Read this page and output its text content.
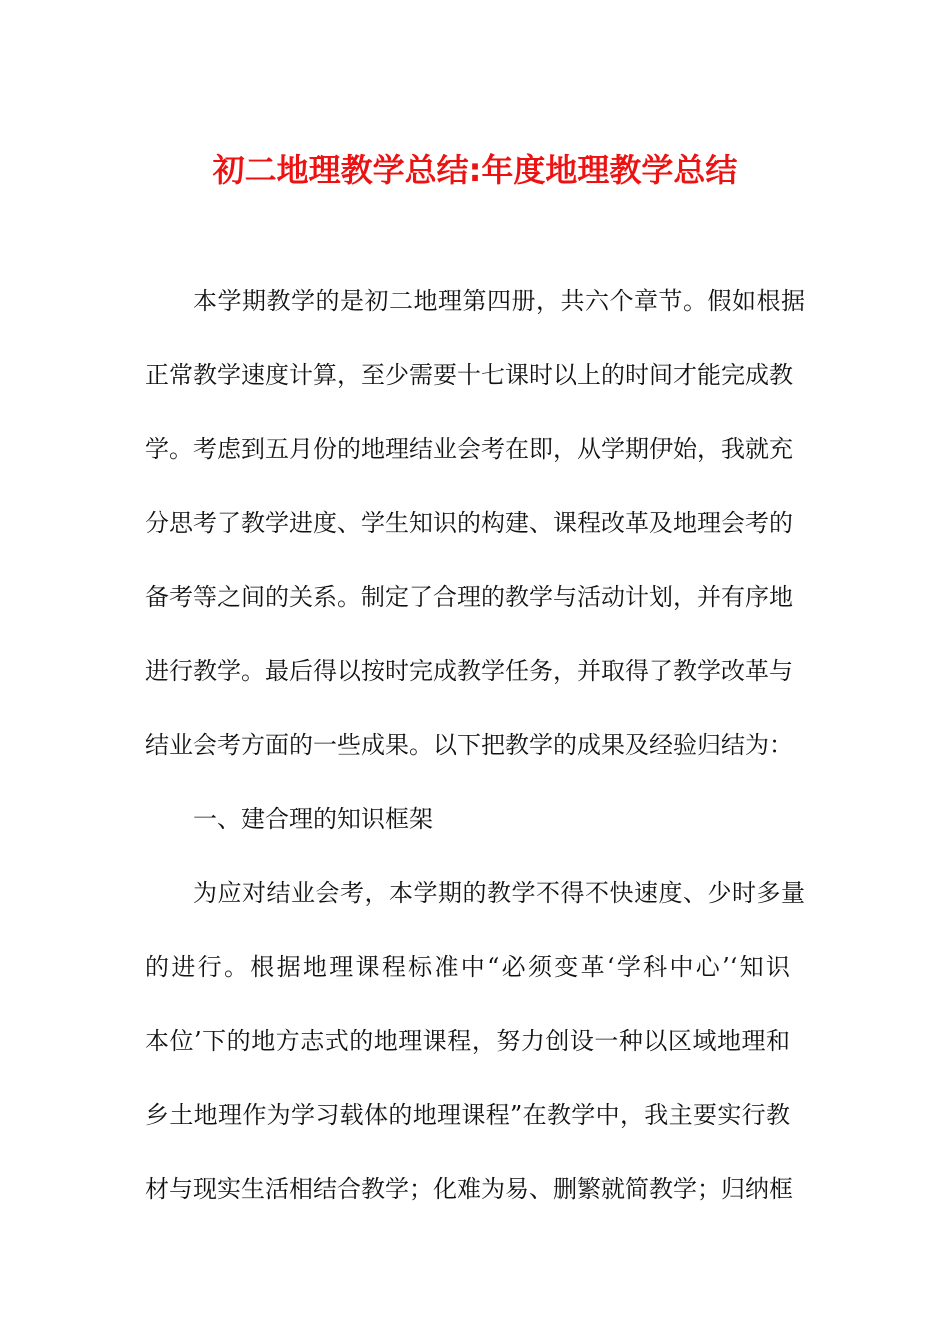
初二地理教学总结:年度地理教学总结
本学期教学的是初二地理第四册，共六个章节。假如根据
正常教学速度计算，至少需要十七课时以上的时间才能完成教
学。考虑到五月份的地理结业会考在即，从学期伊始，我就充
分思考了教学进度、学生知识的构建、课程改革及地理会考的
备考等之间的关系。制定了合理的教学与活动计划，并有序地
进行教学。最后得以按时完成教学任务，并取得了教学改革与
结业会考方面的一些成果。以下把教学的成果及经验归结为：
一、建合理的知识框架
为应对结业会考，本学期的教学不得不快速度、少时多量
的进行。根据地理课程标准中“必须变革‘学科中心’‘知识
本位’下的地方志式的地理课程，努力创设一种以区域地理和
乡土地理作为学习载体的地理课程”在教学中，我主要实行教
材与现实生活相结合教学；化难为易、删繁就简教学；归纳框
